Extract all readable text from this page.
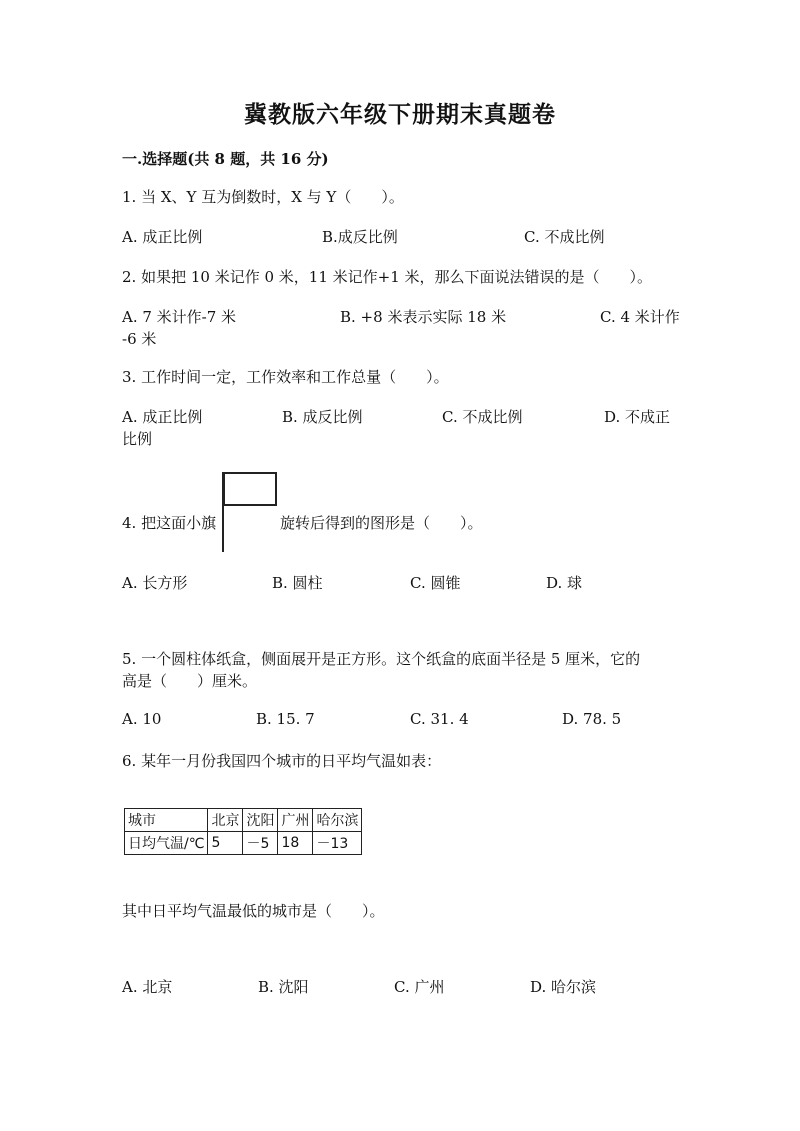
冀教版六年级下册期末真题卷
一.选择题(共 8 题，共 16 分)
1. 当 X、Y 互为倒数时，X 与 Y（　　）。
A. 成正比例	B.成反比例	C. 不成比例
2. 如果把 10 米记作 0 米，11 米记作+1 米，那么下面说法错误的是（　　）。
A. 7 米计作-7 米	B. +8 米表示实际 18 米	C. 4 米计作
-6 米
3. 工作时间一定，工作效率和工作总量（　　）。
A. 成正比例	B. 成反比例	C. 不成比例	D. 不成正
比例
4. 把这面小旗	旋转后得到的图形是（　　）。
A. 长方形	B. 圆柱	C. 圆锥	D. 球
5. 一个圆柱体纸盒，侧面展开是正方形。这个纸盒的底面半径是 5 厘米，它的
高是（　　）厘米。
A. 10	B. 15. 7	C. 31. 4	D. 78. 5
6. 某年一月份我国四个城市的日平均气温如表：
城市	北京	沈阳	广州	哈尔滨
日均气温/℃	5	－5	18	－13
其中日平均气温最低的城市是（　　）。
A. 北京	B. 沈阳	C. 广州	D. 哈尔滨
